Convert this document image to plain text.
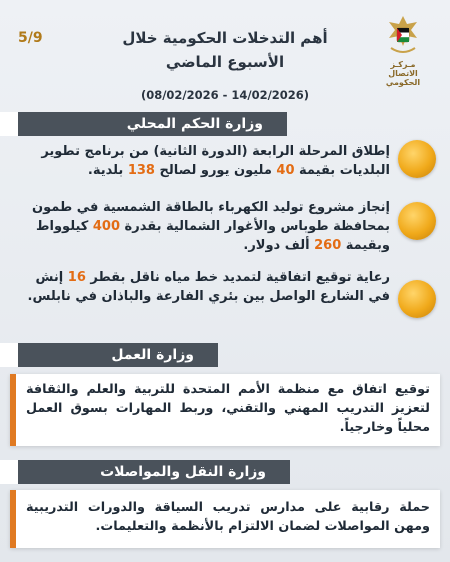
5/9
مـركـز
الاتصال الحكومي
أهم التدخلات الحكومية خلال
الأسبوع الماضي
(08/02/2026 - 14/02/2026)
وزارة الحكم المحلي
إطلاق المرحلة الرابعة (الدورة الثانية) من برنامج تطوير البلديات بقيمة 40 مليون يورو لصالح 138 بلدية.
إنجاز مشروع توليد الكهرباء بالطاقة الشمسية في طمون بمحافظة طوباس والأغوار الشمالية بقدرة 400 كيلوواط وبقيمة 260 ألف دولار.
رعاية توقيع اتفاقية لتمديد خط مياه ناقل بقطر 16 إنش في الشارع الواصل بين بئري الفارعة والباذان في نابلس.
وزارة العمل
توقيع اتفاق مع منظمة الأمم المتحدة للتربية والعلم والثقافة لتعزيز التدريب المهني والتقني، وربط المهارات بسوق العمل محلياً وخارجياً.
وزارة النقل والمواصلات
حملة رقابية على مدارس تدريب السياقة والدورات التدريبية ومهن المواصلات لضمان الالتزام بالأنظمة والتعليمات.
